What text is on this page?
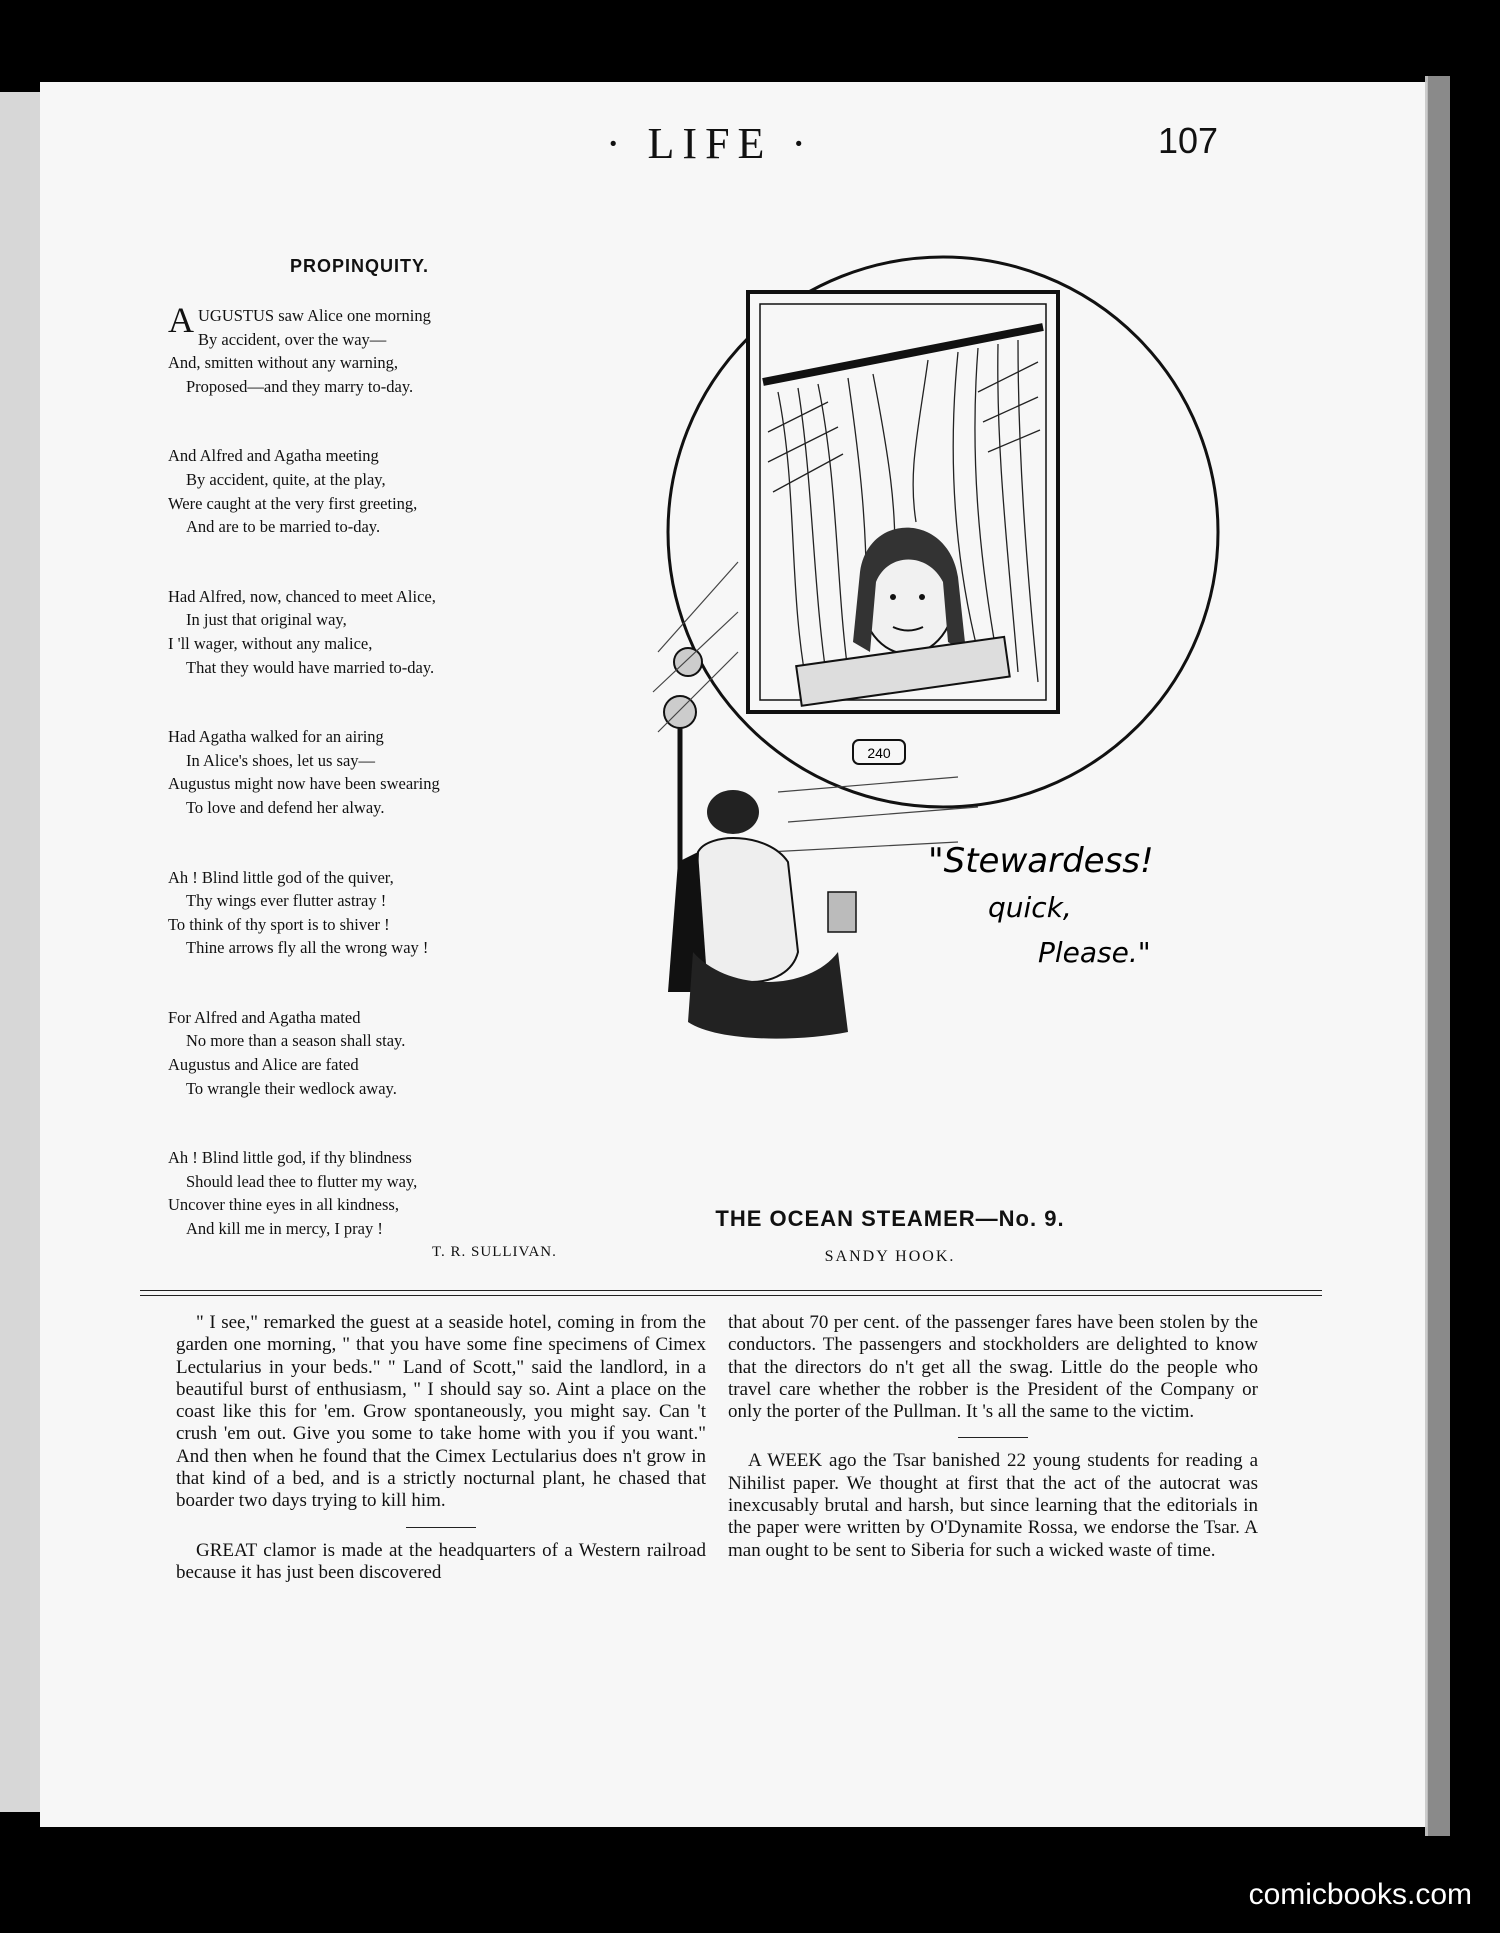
· LIFE ·	107
PROPINQUITY.
A UGUSTUS saw Alice one morning
By accident, over the way—
And, smitten without any warning,
Proposed—and they marry to-day.
And Alfred and Agatha meeting
By accident, quite, at the play,
Were caught at the very first greeting,
And are to be married to-day.
Had Alfred, now, chanced to meet Alice,
In just that original way,
I 'll wager, without any malice,
That they would have married to-day.
Had Agatha walked for an airing
In Alice's shoes, let us say—
Augustus might now have been swearing
To love and defend her alway.
Ah ! Blind little god of the quiver,
Thy wings ever flutter astray !
To think of thy sport is to shiver !
Thine arrows fly all the wrong way !
For Alfred and Agatha mated
No more than a season shall stay.
Augustus and Alice are fated
To wrangle their wedlock away.
Ah ! Blind little god, if thy blindness
Should lead thee to flutter my way,
Uncover thine eyes in all kindness,
And kill me in mercy, I pray !
T. R. SULLIVAN.
240
"Stewardess!
quick,
Please."
THE OCEAN STEAMER—No. 9.
SANDY HOOK.

" I see," remarked the guest at a seaside hotel, coming in from the garden one morning, " that you have some fine specimens of Cimex Lectularius in your beds." " Land of Scott," said the landlord, in a beautiful burst of enthusiasm, " I should say so. Aint a place on the coast like this for 'em. Grow spontaneously, you might say. Can 't crush 'em out. Give you some to take home with you if you want." And then when he found that the Cimex Lectularius does n't grow in that kind of a bed, and is a strictly nocturnal plant, he chased that boarder two days trying to kill him.

GREAT clamor is made at the headquarters of a Western railroad because it has just been discovered

that about 70 per cent. of the passenger fares have been stolen by the conductors. The passengers and stockholders are delighted to know that the directors do n't get all the swag. Little do the people who travel care whether the robber is the President of the Company or only the porter of the Pullman. It 's all the same to the victim.

A WEEK ago the Tsar banished 22 young students for reading a Nihilist paper. We thought at first that the act of the autocrat was inexcusably brutal and harsh, but since learning that the editorials in the paper were written by O'Dynamite Rossa, we endorse the Tsar. A man ought to be sent to Siberia for such a wicked waste of time.

comicbooks.com
